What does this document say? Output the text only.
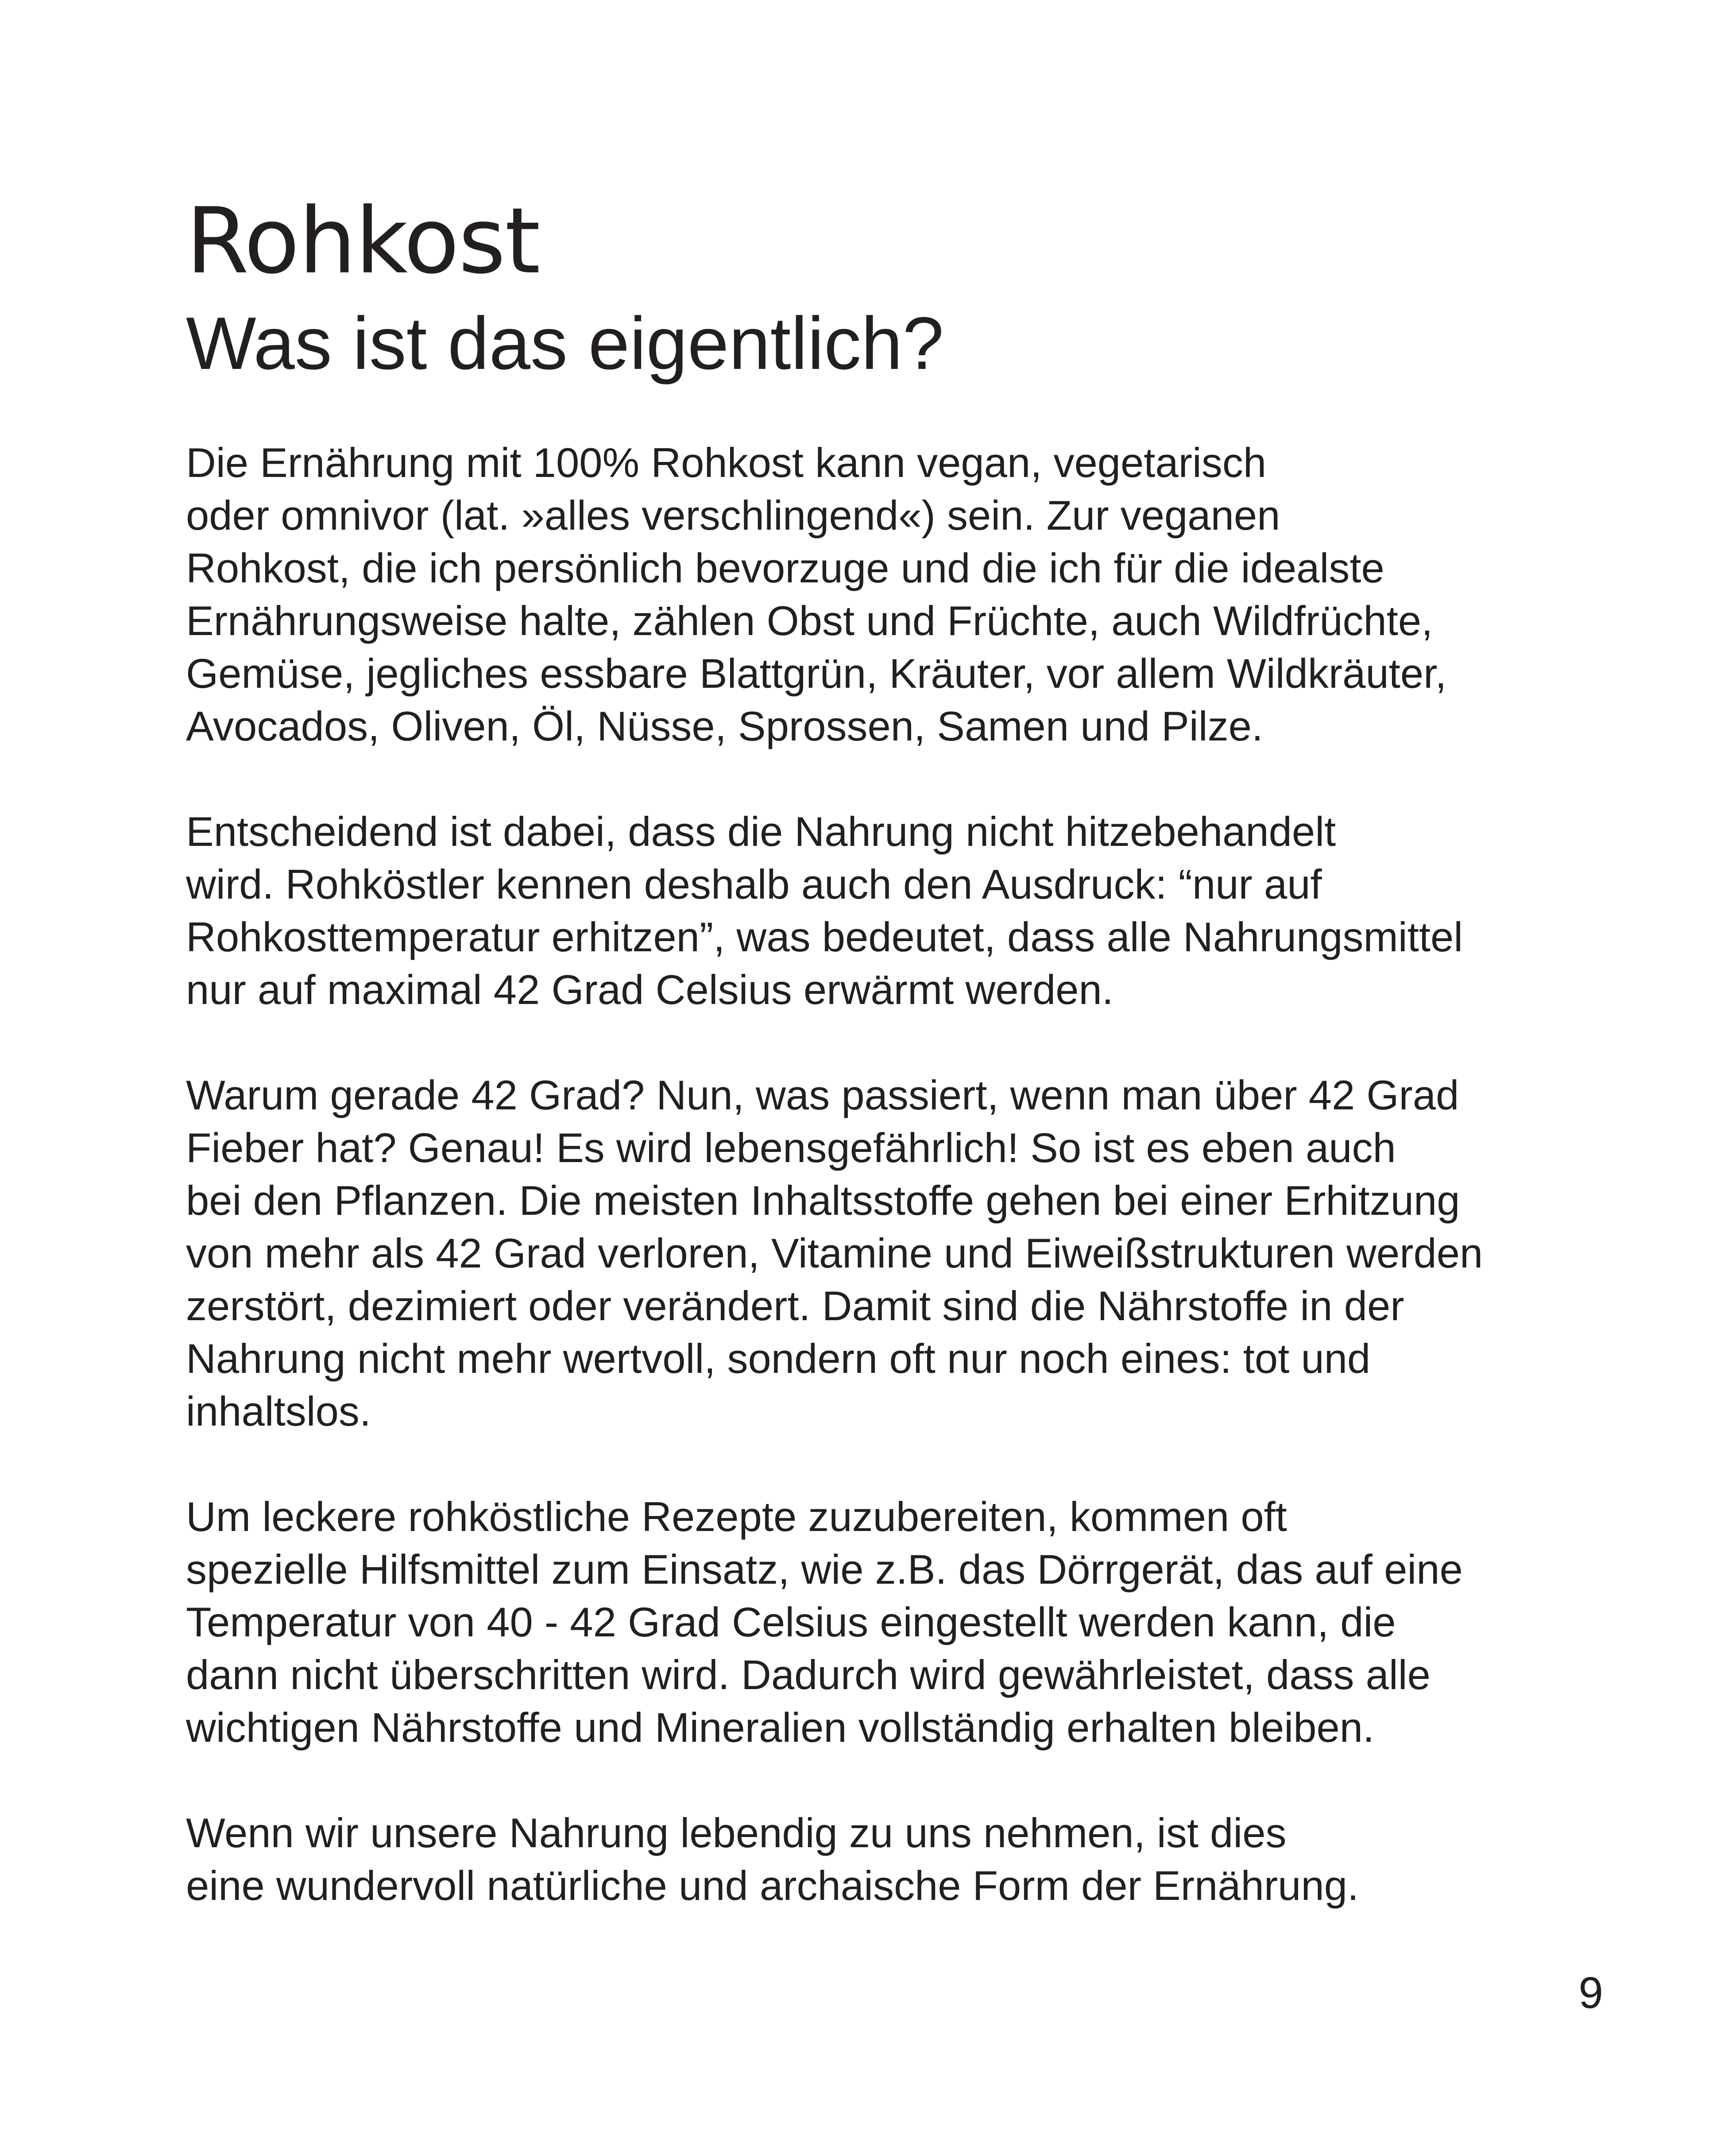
Rohkost
Was ist das eigentlich?

Die Ernährung mit 100% Rohkost kann vegan, vegetarisch
oder omnivor (lat. »alles verschlingend«) sein. Zur veganen
Rohkost, die ich persönlich bevorzuge und die ich für die idealste
Ernährungsweise halte, zählen Obst und Früchte, auch Wildfrüchte,
Gemüse, jegliches essbare Blattgrün, Kräuter, vor allem Wildkräuter,
Avocados, Oliven, Öl, Nüsse, Sprossen, Samen und Pilze.

Entscheidend ist dabei, dass die Nahrung nicht hitzebehandelt
wird. Rohköstler kennen deshalb auch den Ausdruck: “nur auf
Rohkosttemperatur erhitzen”, was bedeutet, dass alle Nahrungsmittel
nur auf maximal 42 Grad Celsius erwärmt werden.

Warum gerade 42 Grad? Nun, was passiert, wenn man über 42 Grad
Fieber hat? Genau! Es wird lebensgefährlich! So ist es eben auch
bei den Pflanzen. Die meisten Inhaltsstoffe gehen bei einer Erhitzung
von mehr als 42 Grad verloren, Vitamine und Eiweißstrukturen werden
zerstört, dezimiert oder verändert. Damit sind die Nährstoffe in der
Nahrung nicht mehr wertvoll, sondern oft nur noch eines: tot und
inhaltslos.

Um leckere rohköstliche Rezepte zuzubereiten, kommen oft
spezielle Hilfsmittel zum Einsatz, wie z.B. das Dörrgerät, das auf eine
Temperatur von 40 - 42 Grad Celsius eingestellt werden kann, die
dann nicht überschritten wird. Dadurch wird gewährleistet, dass alle
wichtigen Nährstoffe und Mineralien vollständig erhalten bleiben.

Wenn wir unsere Nahrung lebendig zu uns nehmen, ist dies
eine wundervoll natürliche und archaische Form der Ernährung.

9
